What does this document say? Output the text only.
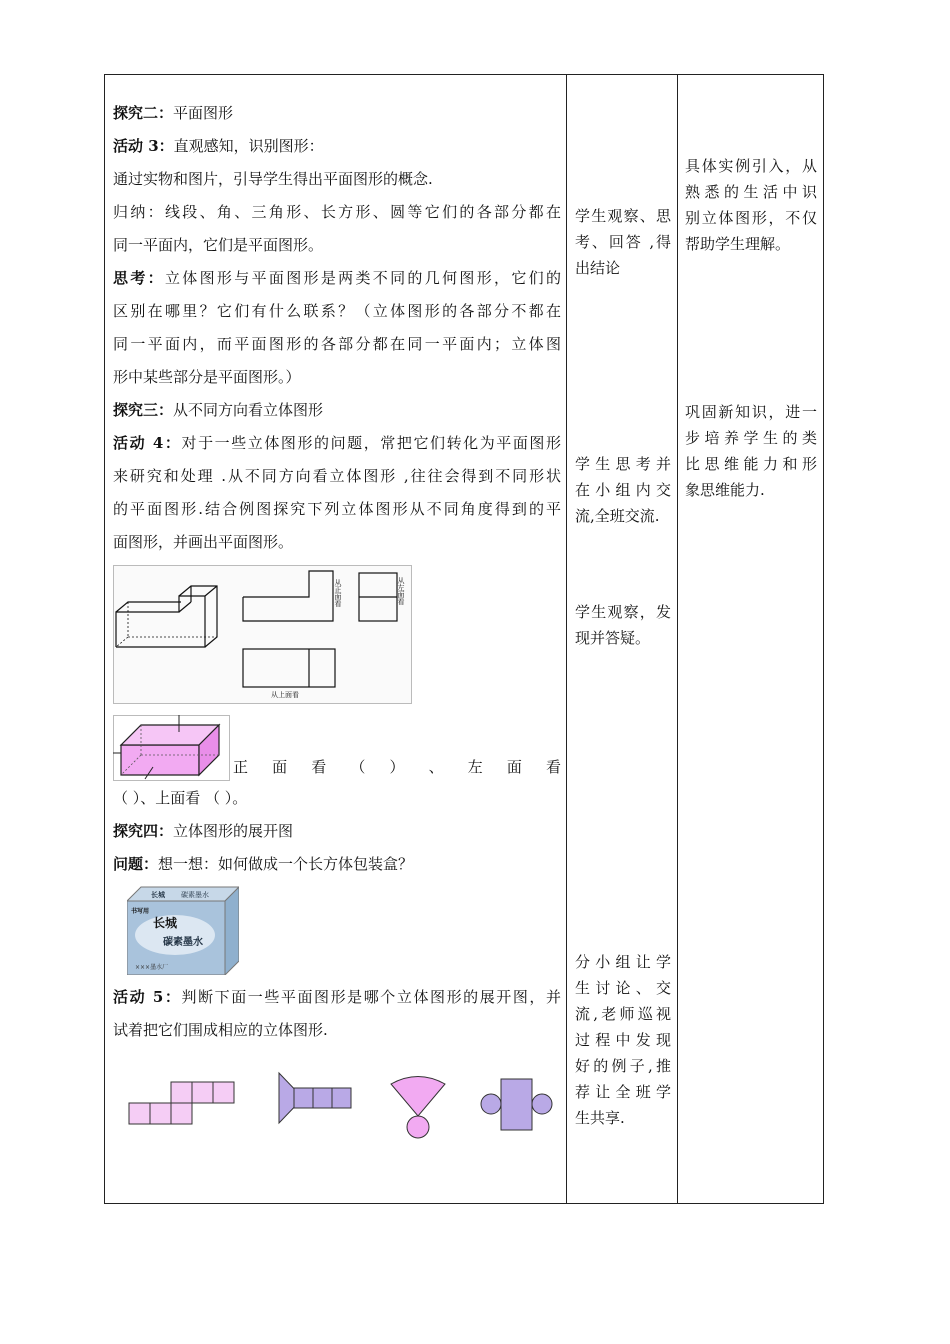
探究二：平面图形

活动 3：直观感知，识别图形：

通过实物和图片，引导学生得出平面图形的概念.

归纳：线段、角、三角形、长方形、圆等它们的各部分都在

同一平面内，它们是平面图形。

思考：立体图形与平面图形是两类不同的几何图形，它们的

区别在哪里？它们有什么联系？（立体图形的各部分不都在

同一平面内，而平面图形的各部分都在同一平面内；立体图

形中某些部分是平面图形。）

探究三：从不同方向看立体图形

活动 4：对于一些立体图形的问题，常把它们转化为平面图形

来研究和处理 .从不同方向看立体图形 ,往往会得到不同形状

的平面图形.结合例图探究下列立体图形从不同角度得到的平

面图形，并画出平面图形。

从正面看	从左面看
从上面看

正 面 看 （ ） 、 左 面 看

（ ）、上面看 （ ）。

探究四：立体图形的展开图

问题：想一想：如何做成一个长方体包装盒？

长城 碳素墨水
书写用
长城
碳素墨水
×××墨水厂

活动 5：判断下面一些平面图形是哪个立体图形的展开图，并

试着把它们围成相应的立体图形.

学生观察、思
考、回答 ,得
出结论
学 生 思 考 并
在 小 组 内 交
流,全班交流.
学生观察，发
现并答疑。
分 小 组 让 学
生 讨 论 、 交
流,老师巡视
过 程 中 发 现
好的例子,推
荐 让 全 班 学
生共享.
具体实例引入，从
熟悉的生活中识
别立体图形，不仅
帮助学生理解。
巩固新知识，进一
步培养学生的类
比思维能力和形
象思维能力.
